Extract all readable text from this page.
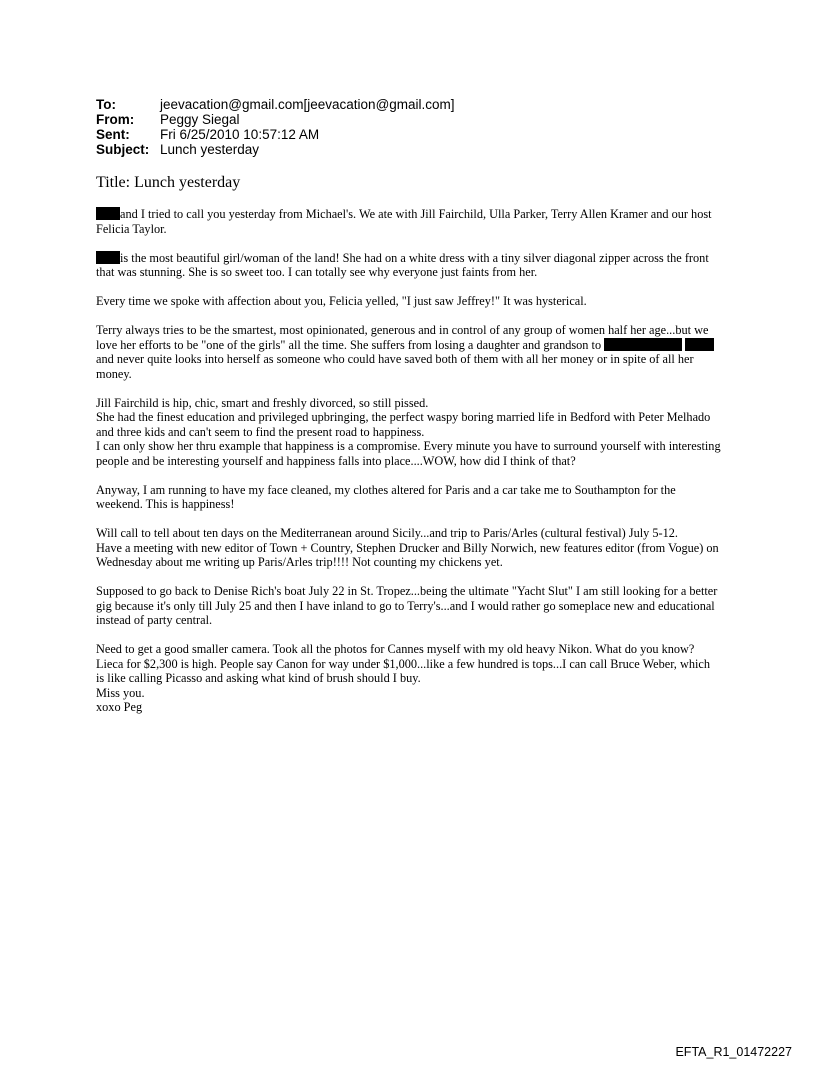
To:	jeevacation@gmail.com[jeevacation@gmail.com]
From:	Peggy Siegal
Sent:	Fri 6/25/2010 10:57:12 AM
Subject: Lunch yesterday
Title: Lunch yesterday

and I tried to call you yesterday from Michael's. We ate with Jill Fairchild, Ulla Parker, Terry Allen Kramer and our host Felicia Taylor.

is the most beautiful girl/woman of the land! She had on a white dress with a tiny silver diagonal zipper across the front that was stunning. She is so sweet too. I can totally see why everyone just faints from her.

Every time we spoke with affection about you, Felicia yelled, "I just saw Jeffrey!" It was hysterical.

Terry always tries to be the smartest, most opinionated, generous and in control of any group of women half her age...but we love her efforts to be "one of the girls" all the time. She suffers from losing a daughter and grandson to   and never quite looks into herself as someone who could have saved both of them with all her money or in spite of all her money.

Jill Fairchild is hip, chic, smart and freshly divorced, so still pissed.
She had the finest education and privileged upbringing, the perfect waspy boring married life in Bedford with Peter Melhado and three kids and can't seem to find the present road to happiness.
I can only show her thru example that happiness is a compromise. Every minute you have to surround yourself with interesting people and be interesting yourself and happiness falls into place....WOW, how did I think of that?

Anyway, I am running to have my face cleaned, my clothes altered for Paris and a car take me to Southampton for the weekend. This is happiness!

Will call to tell about ten days on the Mediterranean around Sicily...and trip to Paris/Arles (cultural festival) July 5-12.
Have a meeting with new editor of Town + Country, Stephen Drucker and Billy Norwich, new features editor (from Vogue) on Wednesday about me writing up Paris/Arles trip!!!! Not counting my chickens yet.

Supposed to go back to Denise Rich's boat July 22 in St. Tropez...being the ultimate "Yacht Slut" I am still looking for a better gig because it's only till July 25 and then I have inland to go to Terry's...and I would rather go someplace new and educational instead of party central.

Need to get a good smaller camera. Took all the photos for Cannes myself with my old heavy Nikon. What do you know? Lieca for $2,300 is high. People say Canon for way under $1,000...like a few hundred is tops...I can call Bruce Weber, which is like calling Picasso and asking what kind of brush should I buy.
Miss you.
xoxo Peg

EFTA_R1_01472227
